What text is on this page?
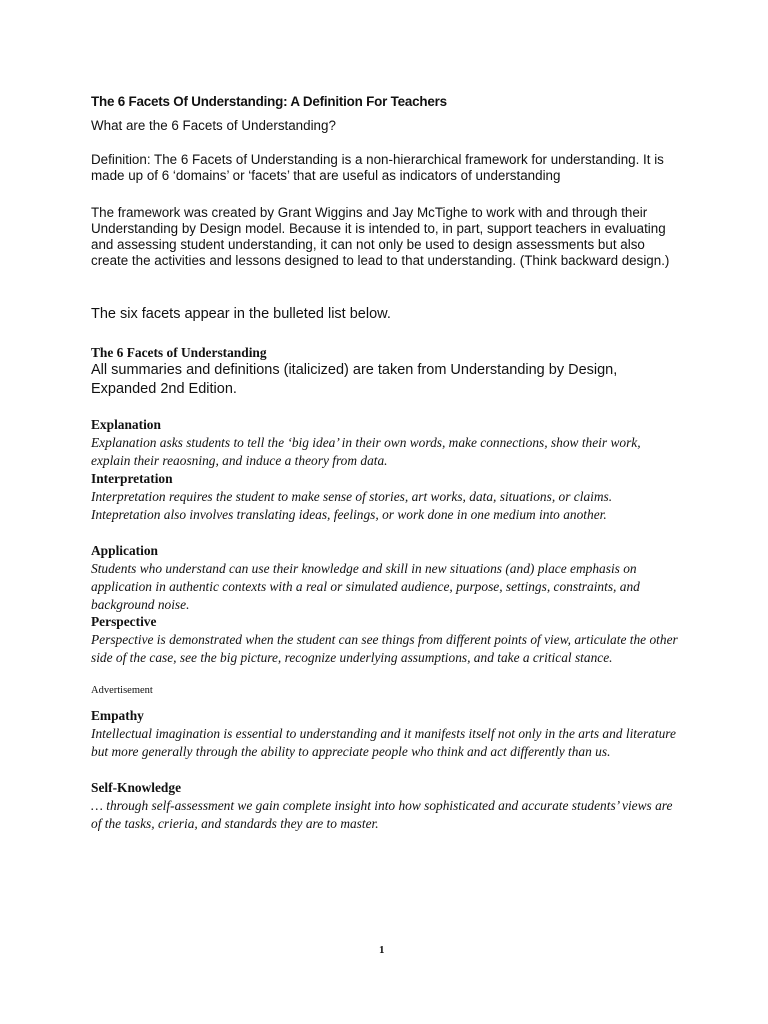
The 6 Facets Of Understanding: A Definition For Teachers
What are the 6 Facets of Understanding?
Definition: The 6 Facets of Understanding is a non-hierarchical framework for understanding. It is made up of 6 ‘domains’ or ‘facets’ that are useful as indicators of understanding
The framework was created by Grant Wiggins and Jay McTighe to work with and through their Understanding by Design model. Because it is intended to, in part, support teachers in evaluating and assessing student understanding, it can not only be used to design assessments but also create the activities and lessons designed to lead to that understanding. (Think backward design.)
The six facets appear in the bulleted list below.
The 6 Facets of Understanding
All summaries and definitions (italicized) are taken from Understanding by Design, Expanded 2nd Edition.
Explanation
Explanation asks students to tell the ‘big idea’ in their own words, make connections, show their work, explain their reaosning, and induce a theory from data.
Interpretation
Interpretation requires the student to make sense of stories, art works, data, situations, or claims. Intepretation also involves translating ideas, feelings, or work done in one medium into another.
Application
Students who understand can use their knowledge and skill in new situations (and) place emphasis on application in authentic contexts with a real or simulated audience, purpose, settings, constraints, and background noise.
Perspective
Perspective is demonstrated when the student can see things from different points of view, articulate the other side of the case, see the big picture, recognize underlying assumptions, and take a critical stance.
Advertisement
Empathy
Intellectual imagination is essential to understanding and it manifests itself not only in the arts and literature but more generally through the ability to appreciate people who think and act differently than us.
Self-Knowledge
… through self-assessment we gain complete insight into how sophisticated and accurate students’ views are of the tasks, crieria, and standards they are to master.
1
